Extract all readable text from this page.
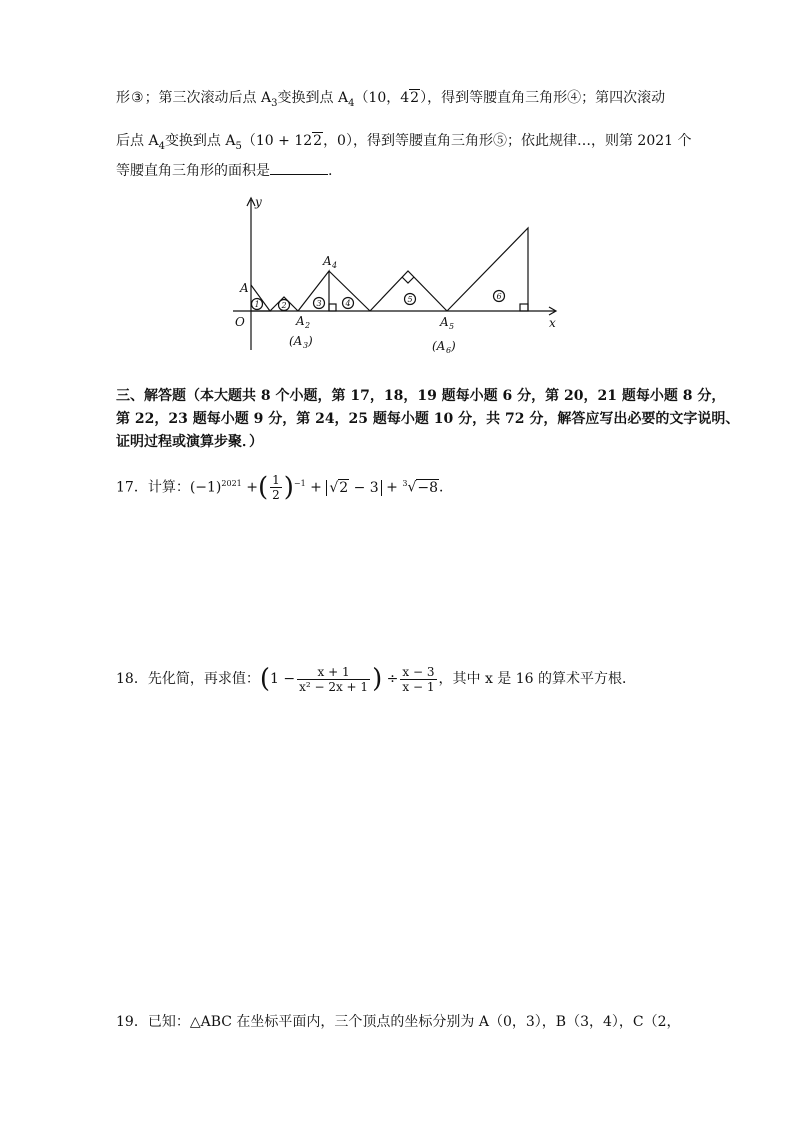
形③；第三次滚动后点 $A_3$变换到点 $A_4(10$，42），得到等腰直角三角形④；第四次滚动
后点 $A_4$变换到点 $A_5(10 + 122$，0），得到等腰直角三角形⑤；依此规律…，则第 2021 个
等腰直角三角形的面积是	.
1	2	3	4	5	6
y
x
O
A
A 2
(A 3 )
A 4
A 5
(A 6 )
三、解答题（本大题共 8 个小题，第 17，18，19 题每小题 6 分，第 20，21 题每小题 8 分，
第 22，23 题每小题 9 分，第 24，25 题每小题 10 分，共 72 分，解答应写出必要的文字说明、
证明过程或演算步聚．）
17．计算：$(-1)^{2021}$ +( $\frac{1}{2} )^{-1} + √2 - 3 + ^3√-8$．
18．先化简，再求值：($1 - \frac{x + 1}{\text{x² − 2x + 1}}$ ) ÷ $\frac{x - 3}{x - 1}$ ，其中 x 是 16 的算术平方根．
19．已知：△ABC 在坐标平面内，三个顶点的坐标分别为 A（0，3），B（3，4），C（2，
